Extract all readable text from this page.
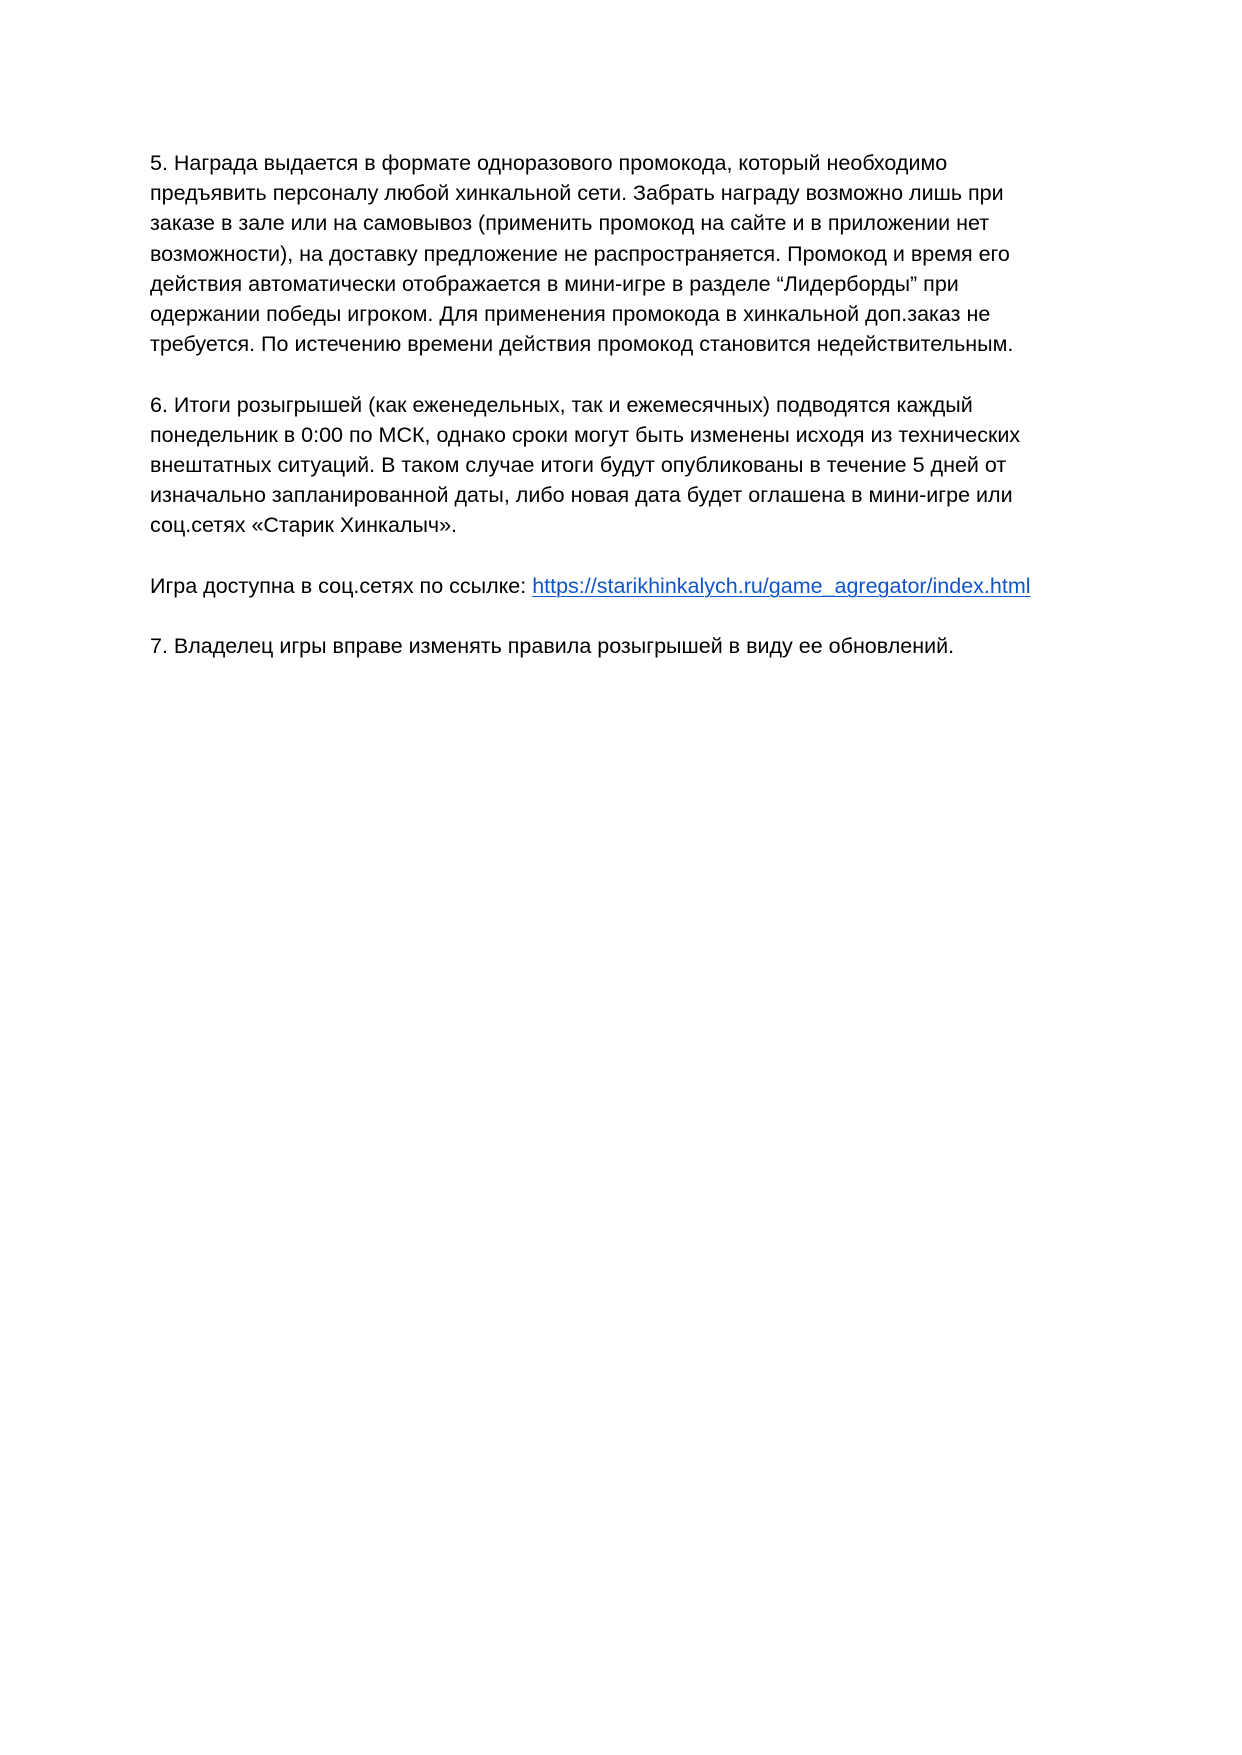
5. Награда выдается в формате одноразового промокода, который необходимо
предъявить персоналу любой хинкальной сети. Забрать награду возможно лишь при
заказе в зале или на самовывоз (применить промокод на сайте и в приложении нет
возможности), на доставку предложение не распространяется. Промокод и время его
действия автоматически отображается в мини-игре в разделе “Лидерборды” при
одержании победы игроком. Для применения промокода в хинкальной доп.заказ не
требуется. По истечению времени действия промокод становится недействительным.

6. Итоги розыгрышей (как еженедельных, так и ежемесячных) подводятся каждый
понедельник в 0:00 по МСК, однако сроки могут быть изменены исходя из технических
внештатных ситуаций. В таком случае итоги будут опубликованы в течение 5 дней от
изначально запланированной даты, либо новая дата будет оглашена в мини-игре или
соц.сетях «Старик Хинкалыч».

Игра доступна в соц.сетях по ссылке: https://starikhinkalych.ru/game_agregator/index.html

7. Владелец игры вправе изменять правила розыгрышей в виду ее обновлений.
